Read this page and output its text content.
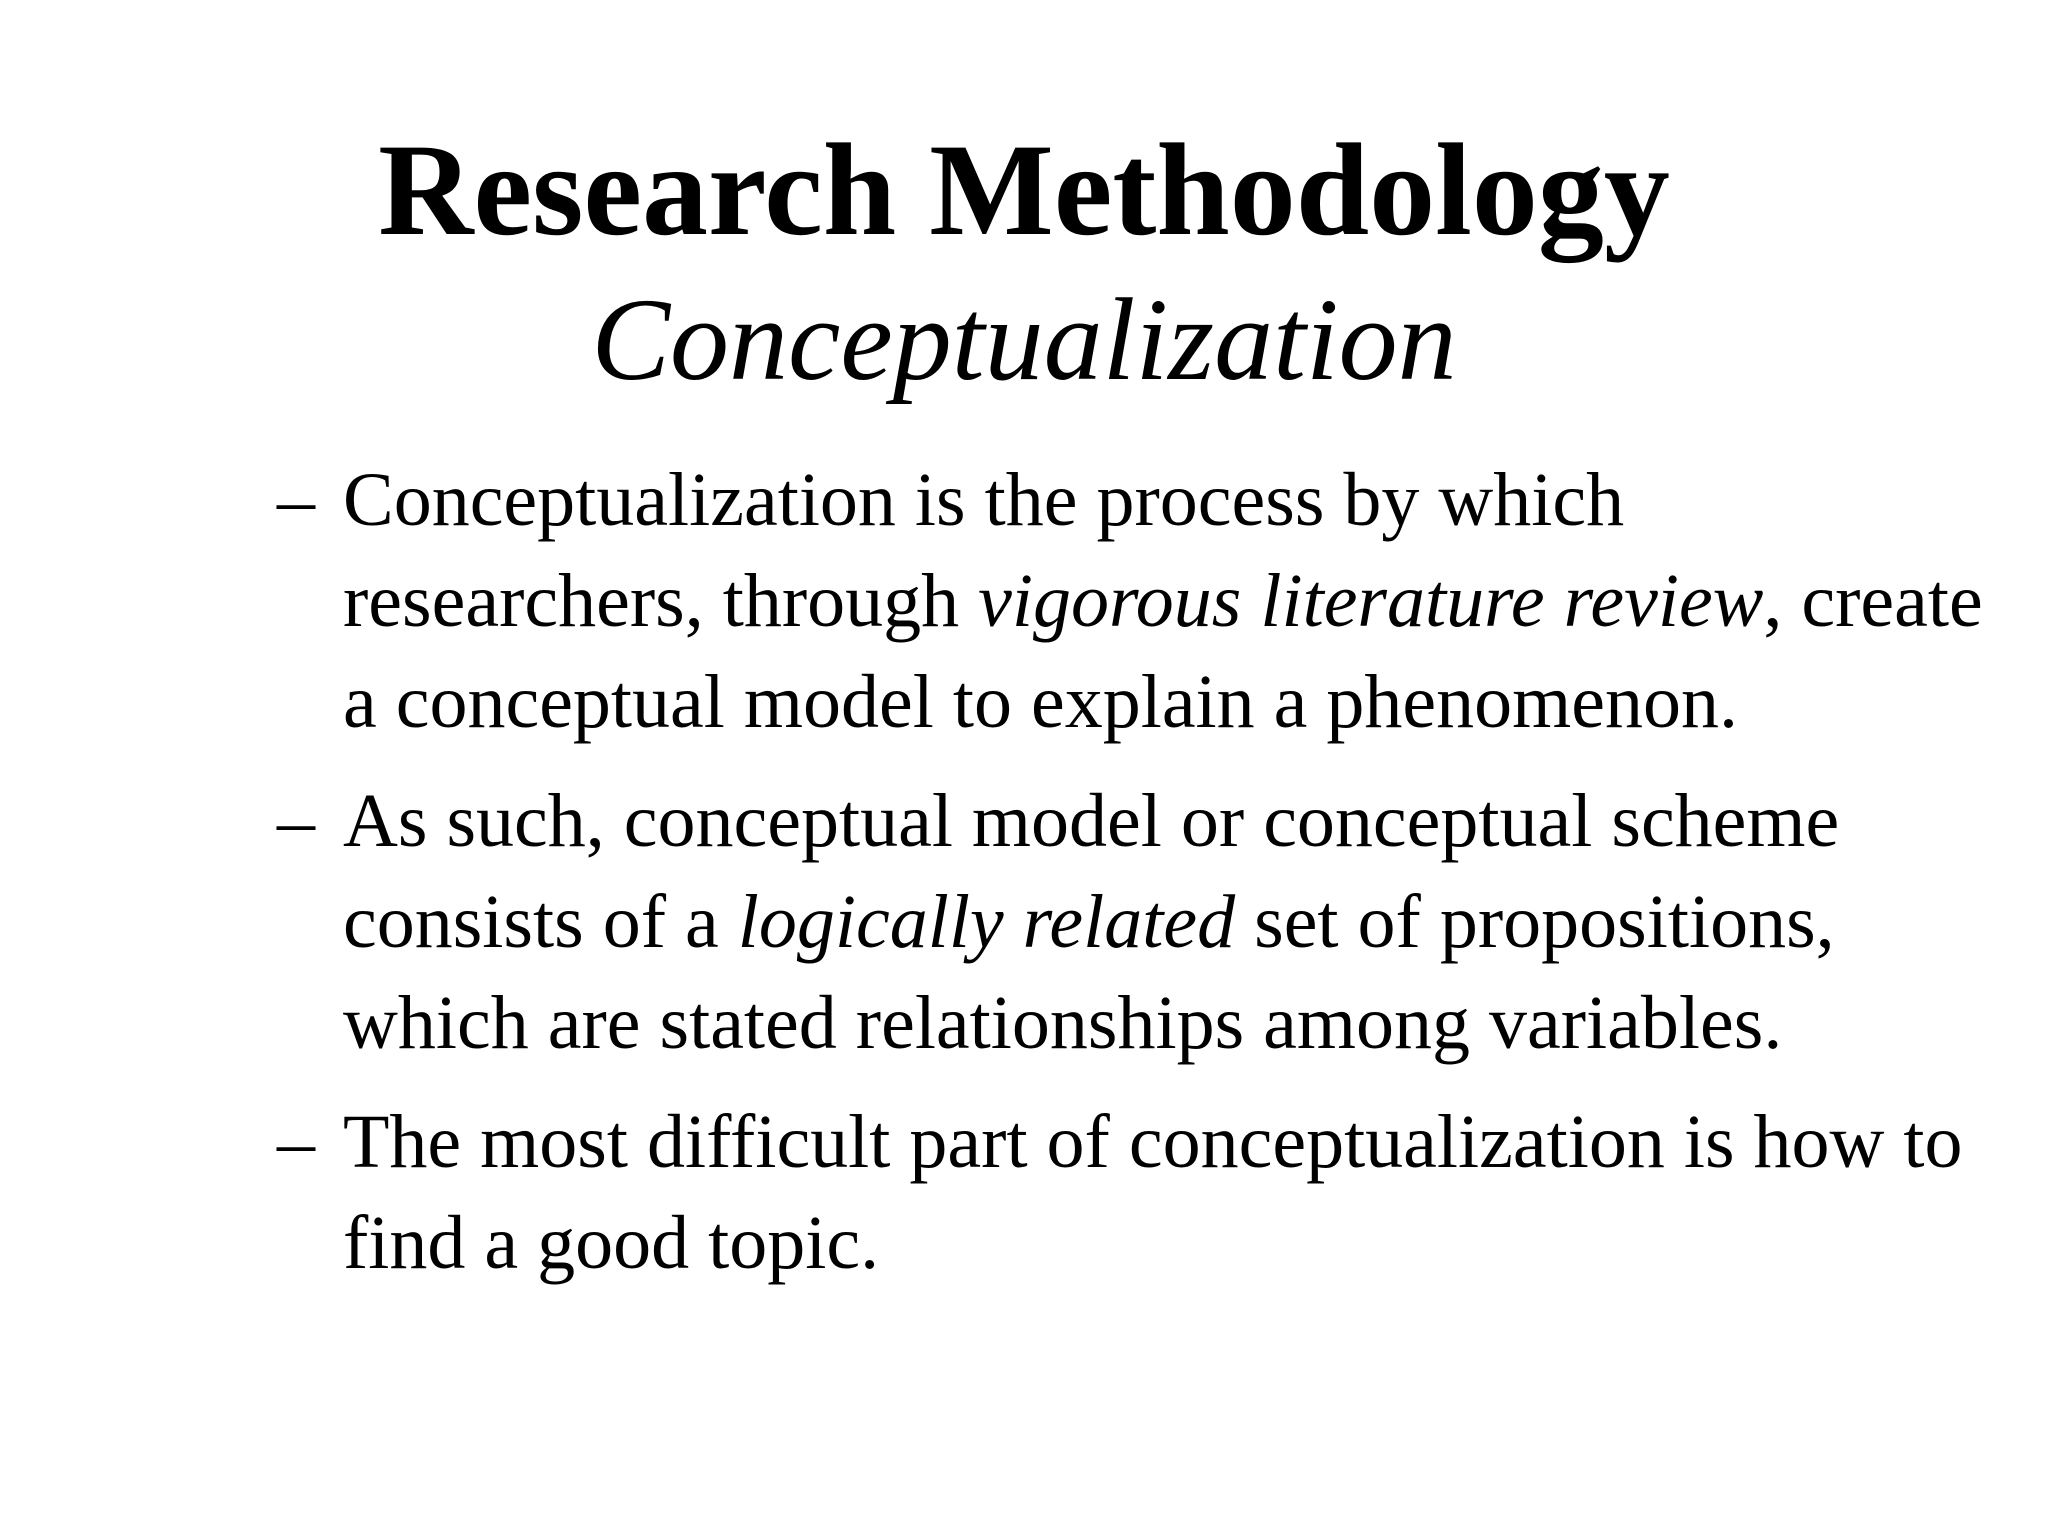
Research Methodology
Conceptualization
– Conceptualization is the process by which researchers, through vigorous literature review, create a conceptual model to explain a phenomenon.
– As such, conceptual model or conceptual scheme consists of a logically related set of propositions, which are stated relationships among variables.
– The most difficult part of conceptualization is how to find a good topic.
